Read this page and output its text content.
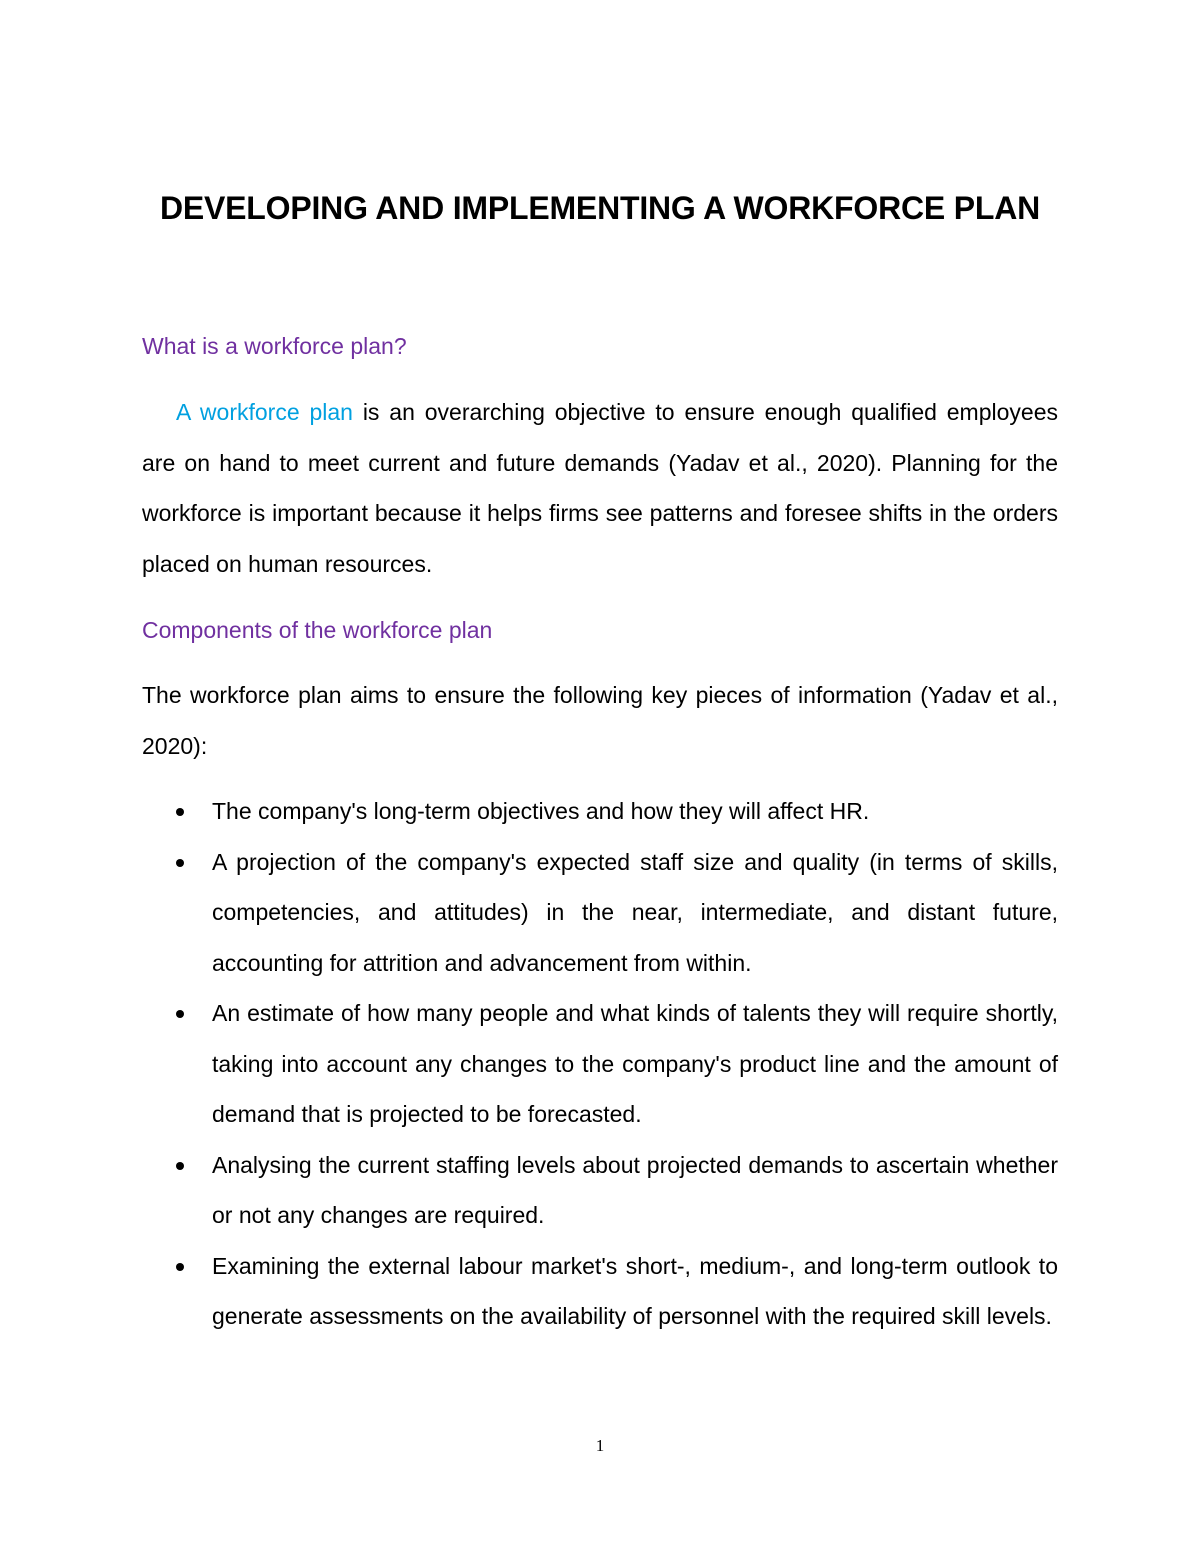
DEVELOPING AND IMPLEMENTING A WORKFORCE PLAN
What is a workforce plan?

A workforce plan is an overarching objective to ensure enough qualified employees are on hand to meet current and future demands (Yadav et al., 2020). Planning for the workforce is important because it helps firms see patterns and foresee shifts in the orders placed on human resources.

Components of the workforce plan

The workforce plan aims to ensure the following key pieces of information (Yadav et al., 2020):

The company's long-term objectives and how they will affect HR.
A projection of the company's expected staff size and quality (in terms of skills, competencies, and attitudes) in the near, intermediate, and distant future, accounting for attrition and advancement from within.
An estimate of how many people and what kinds of talents they will require shortly, taking into account any changes to the company's product line and the amount of demand that is projected to be forecasted.
Analysing the current staffing levels about projected demands to ascertain whether or not any changes are required.
Examining the external labour market's short-, medium-, and long-term outlook to generate assessments on the availability of personnel with the required skill levels.
1
